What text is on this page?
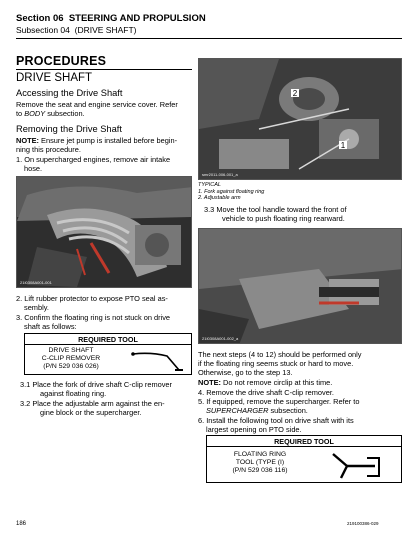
Section 06 STEERING AND PROPULSION
Subsection 04 (DRIVE SHAFT)
PROCEDURES
DRIVE SHAFT
Accessing the Drive Shaft
Remove the seat and engine service cover. Refer
to BODY subsection.
Removing the Drive Shaft
NOTE: Ensure jet pump is installed before begin-
ning this procedure.
1. On supercharged engines, remove air intake
hose.
21I0308A001-001
2. Lift rubber protector to expose PTO seal as-
sembly.
3. Confirm the floating ring is not stuck on drive
shaft as follows:
REQUIRED TOOL
DRIVE SHAFT
C-CLIP REMOVER
(P/N 529 036 026)
3.1 Place the fork of drive shaft C-clip remover
against floating ring.
3.2 Place the adjustable arm against the en-
gine block or the supercharger.
2
1
smr2011-006-001_a
TYPICAL
1. Fork against floating ring
2. Adjustable arm
3.3 Move the tool handle toward the front of
vehicle to push floating ring rearward.
21I0308A001-002_a
The next steps (4 to 12) should be performed only
if the floating ring seems stuck or hard to move.
Otherwise, go to the step 13.
NOTE: Do not remove circlip at this time.
4. Remove the drive shaft C-clip remover.
5. If equipped, remove the supercharger. Refer to
SUPERCHARGER subsection.
6. Install the following tool on drive shaft with its
largest opening on PTO side.
REQUIRED TOOL
FLOATING RING
TOOL (TYPE (I)
(P/N 529 036 116)
186	219100386-029
